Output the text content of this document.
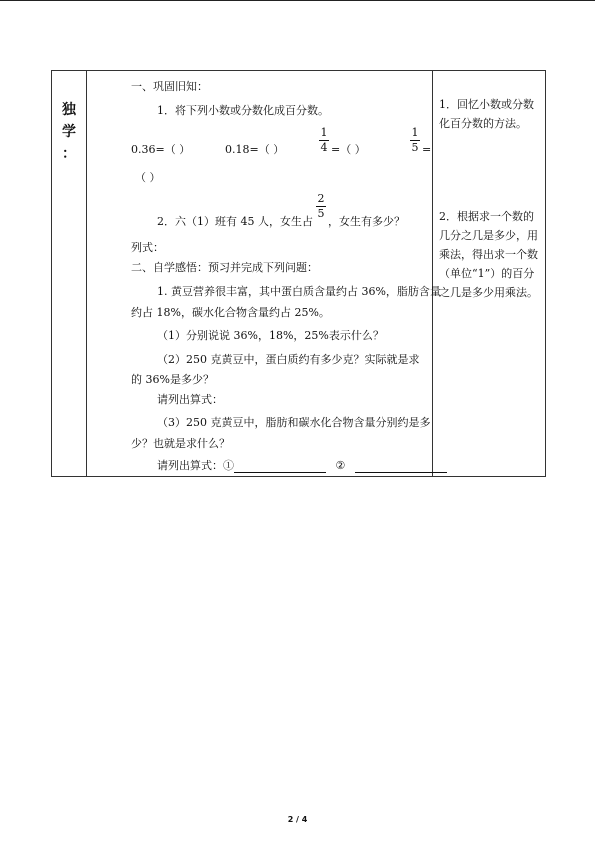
独
学
：

一、巩固旧知：
1．将下列小数或分数化成百分数。
0.36=（ ）	0.18=（ ）
1
4 =（ ）
1
5 =
（ ）
2．六（1）班有 45 人，女生占
2
5
，女生有多少？
列式：
二、自学感悟：预习并完成下列问题：
1. 黄豆营养很丰富，其中蛋白质含量约占 36%，脂肪含量
约占 18%，碳水化合物含量约占 25%。
（1）分别说说 36%，18%，25%表示什么？
（2）250 克黄豆中，蛋白质约有多少克？实际就是求
的 36%是多少？
请列出算式：
（3）250 克黄豆中，脂肪和碳水化合物含量分别约是多
少？也就是求什么？
请列出算式：①	②

1．回忆小数或分数化百分数的方法。
2．根据求一个数的几分之几是多少，用乘法，得出求一个数（单位“1”）的百分之几是多少用乘法。
2 / 4
